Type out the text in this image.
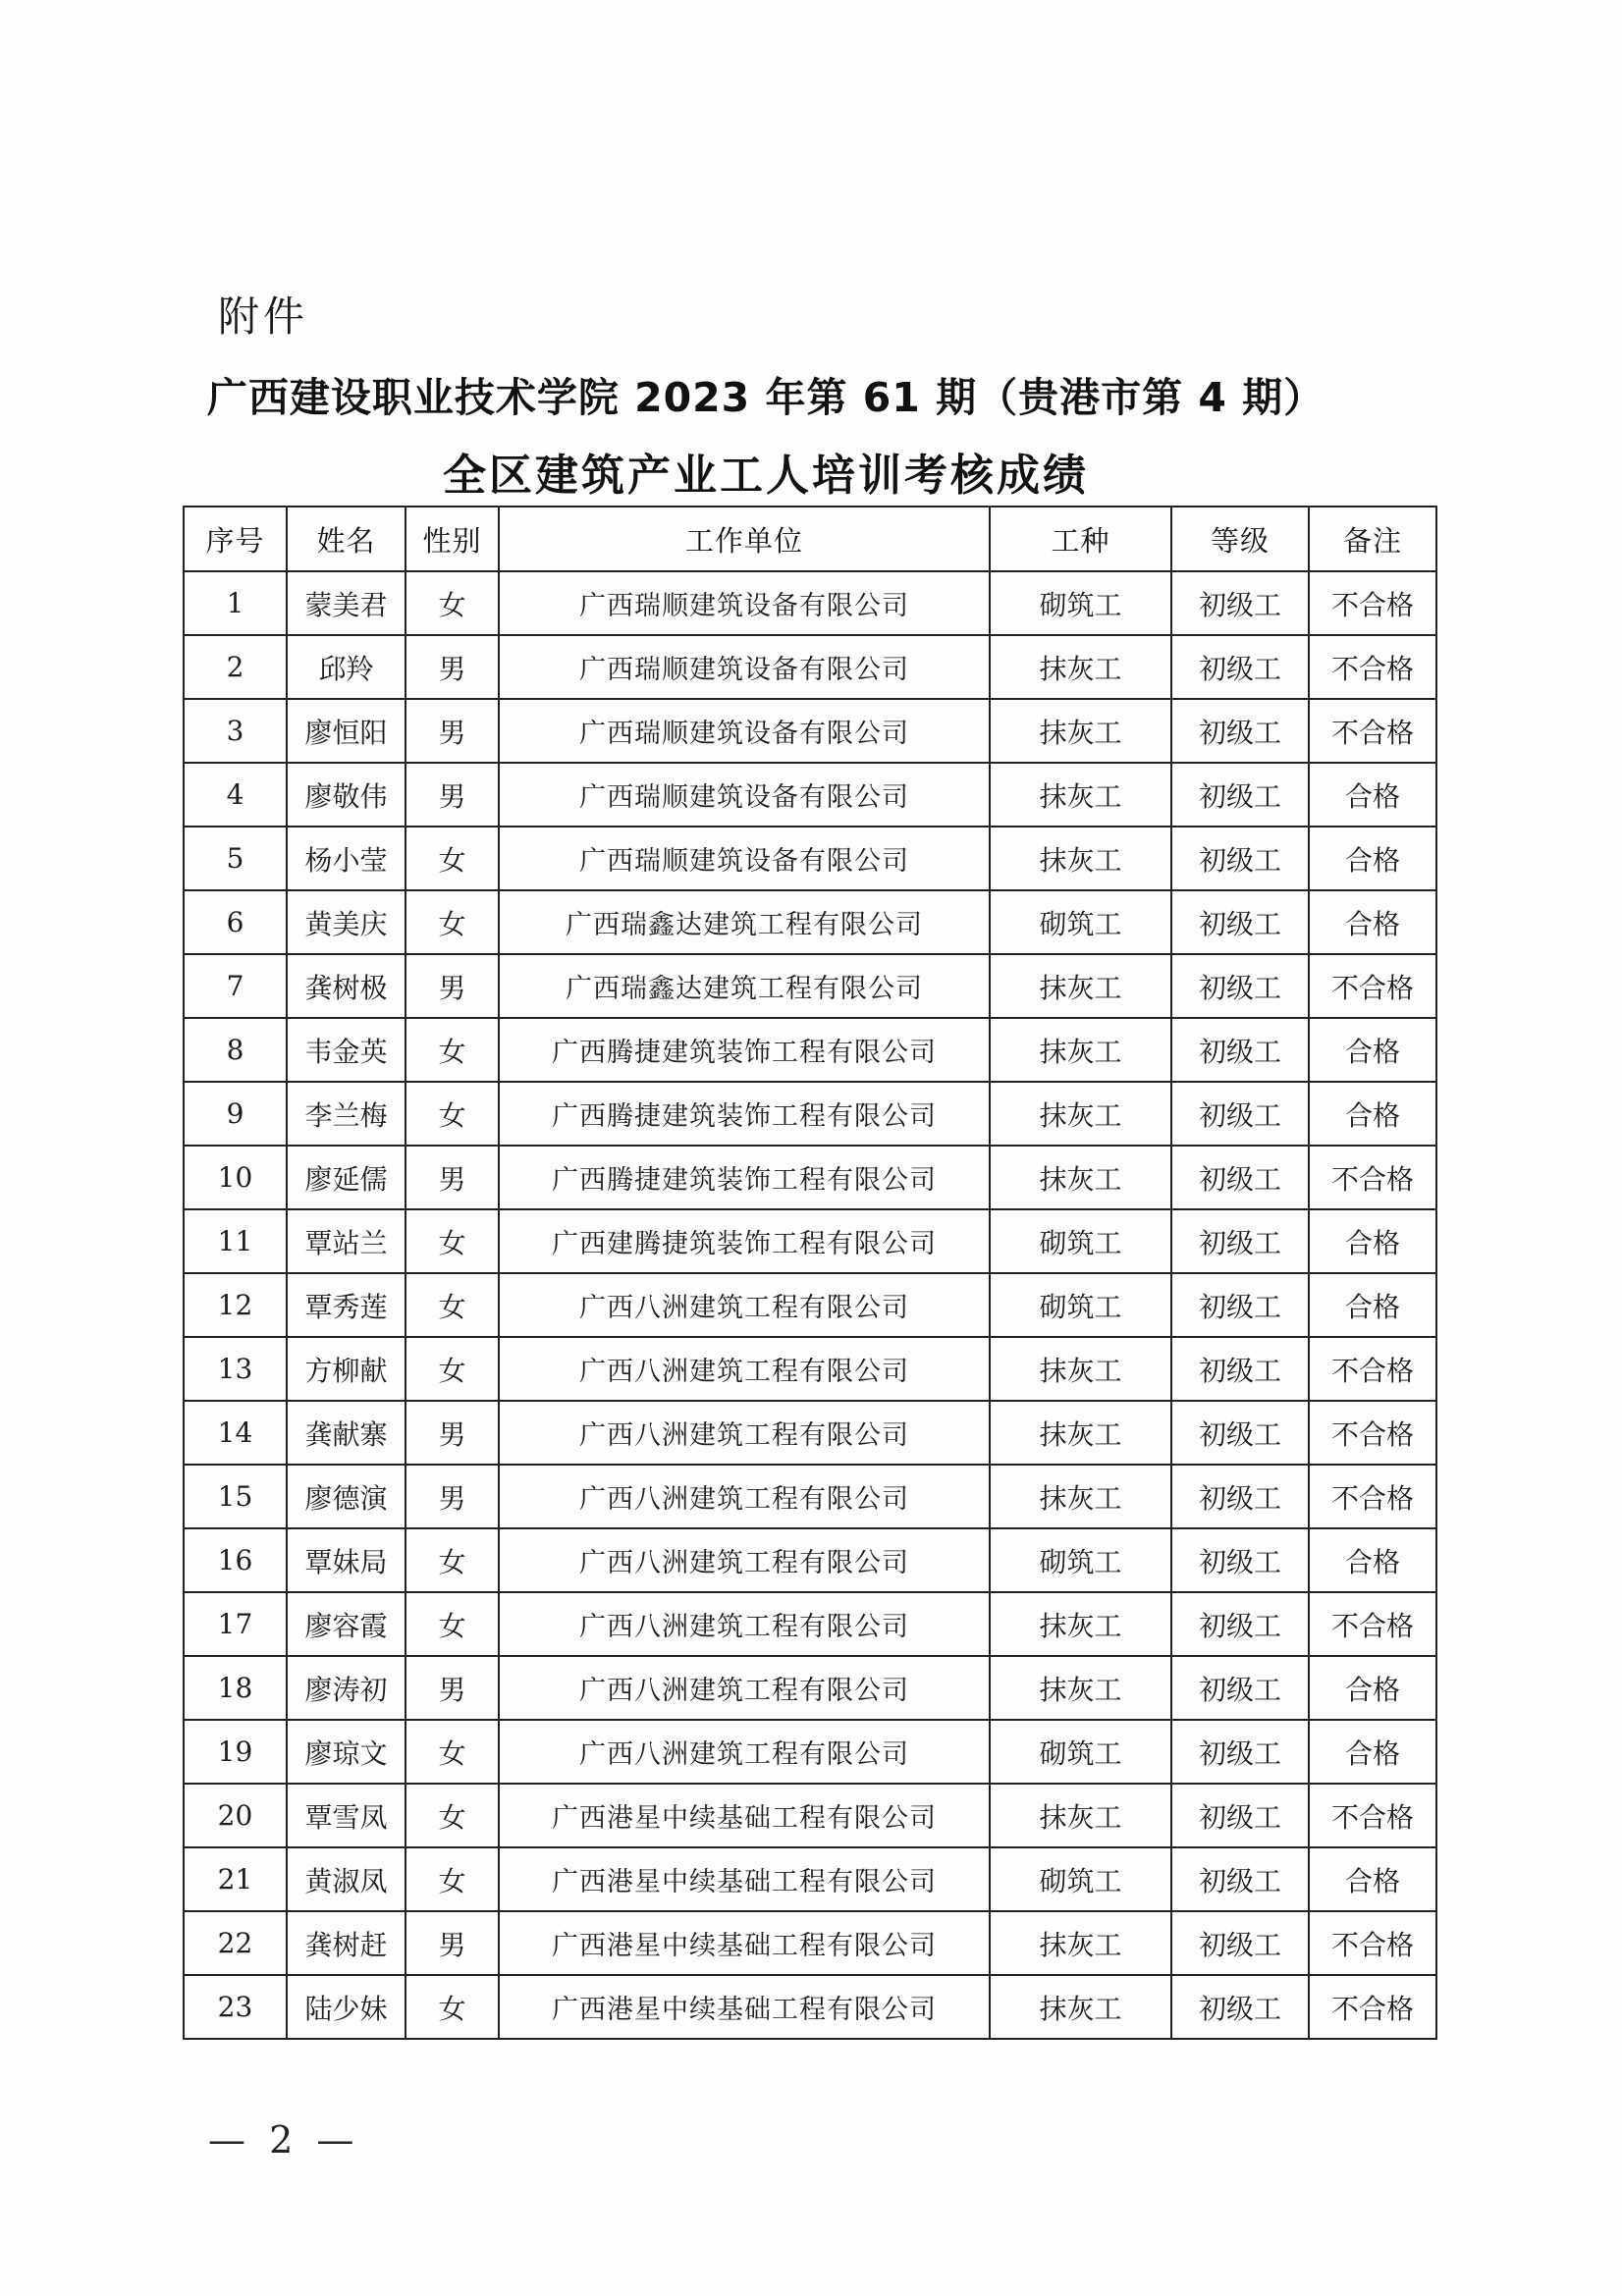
附件
广西建设职业技术学院 2023 年第 61 期（贵港市第 4 期）
全区建筑产业工人培训考核成绩
序号	姓名	性别	工作单位	工种	等级	备注
1	蒙美君	女	广西瑞顺建筑设备有限公司	砌筑工	初级工	不合格
2	邱羚	男	广西瑞顺建筑设备有限公司	抹灰工	初级工	不合格
3	廖恒阳	男	广西瑞顺建筑设备有限公司	抹灰工	初级工	不合格
4	廖敬伟	男	广西瑞顺建筑设备有限公司	抹灰工	初级工	合格
5	杨小莹	女	广西瑞顺建筑设备有限公司	抹灰工	初级工	合格
6	黄美庆	女	广西瑞鑫达建筑工程有限公司	砌筑工	初级工	合格
7	龚树极	男	广西瑞鑫达建筑工程有限公司	抹灰工	初级工	不合格
8	韦金英	女	广西腾捷建筑装饰工程有限公司	抹灰工	初级工	合格
9	李兰梅	女	广西腾捷建筑装饰工程有限公司	抹灰工	初级工	合格
10	廖延儒	男	广西腾捷建筑装饰工程有限公司	抹灰工	初级工	不合格
11	覃站兰	女	广西建腾捷筑装饰工程有限公司	砌筑工	初级工	合格
12	覃秀莲	女	广西八洲建筑工程有限公司	砌筑工	初级工	合格
13	方柳献	女	广西八洲建筑工程有限公司	抹灰工	初级工	不合格
14	龚献寨	男	广西八洲建筑工程有限公司	抹灰工	初级工	不合格
15	廖德演	男	广西八洲建筑工程有限公司	抹灰工	初级工	不合格
16	覃妹局	女	广西八洲建筑工程有限公司	砌筑工	初级工	合格
17	廖容霞	女	广西八洲建筑工程有限公司	抹灰工	初级工	不合格
18	廖涛初	男	广西八洲建筑工程有限公司	抹灰工	初级工	合格
19	廖琼文	女	广西八洲建筑工程有限公司	砌筑工	初级工	合格
20	覃雪凤	女	广西港星中续基础工程有限公司	抹灰工	初级工	不合格
21	黄淑凤	女	广西港星中续基础工程有限公司	砌筑工	初级工	合格
22	龚树赶	男	广西港星中续基础工程有限公司	抹灰工	初级工	不合格
23	陆少妹	女	广西港星中续基础工程有限公司	抹灰工	初级工	不合格
— 2 —
